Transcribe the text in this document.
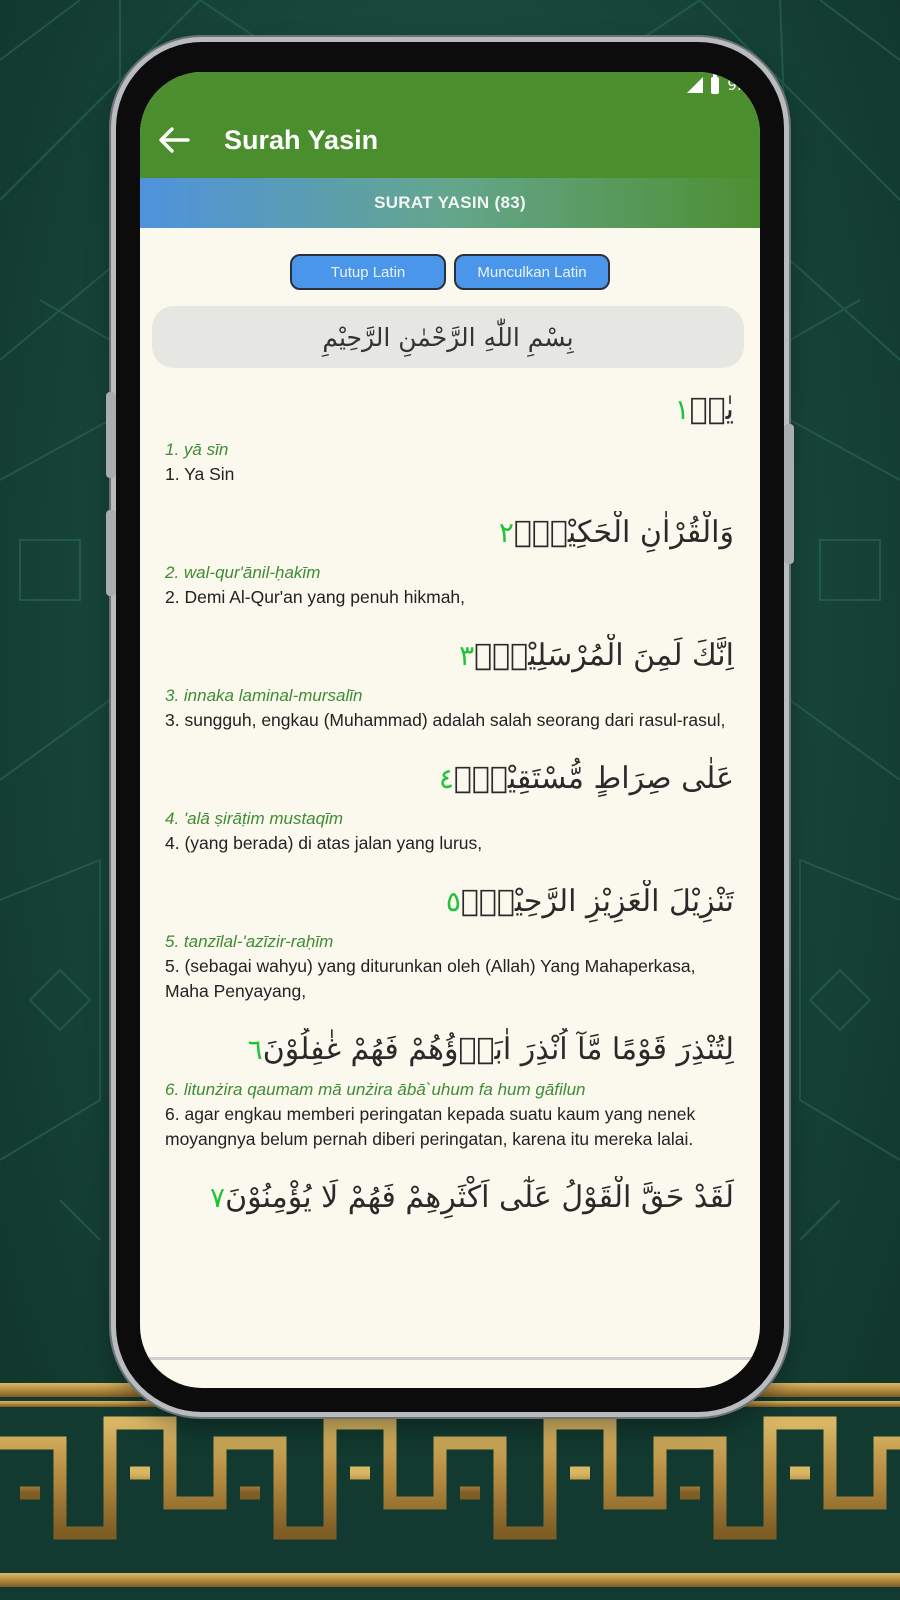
9:
Surah Yasin
SURAT YASIN (83)
Tutup Latin	Munculkan Latin
بِسْمِ اللّٰهِ الرَّحْمٰنِ الرَّحِيْمِ
يٰسۤ١
1. yā sīn
1. Ya Sin
وَالْقُرْاٰنِ الْحَكِيْمِۙ٢
2. wal-qur'ānil-ḥakīm
2. Demi Al-Qur'an yang penuh hikmah,
اِنَّكَ لَمِنَ الْمُرْسَلِيْنَۙ٣
3. innaka laminal-mursalīn
3. sungguh, engkau (Muhammad) adalah salah seorang dari rasul-rasul,
عَلٰى صِرَاطٍ مُّسْتَقِيْمٍۗ٤
4. 'alā ṣirāṭim mustaqīm
4. (yang berada) di atas jalan yang lurus,
تَنْزِيْلَ الْعَزِيْزِ الرَّحِيْمِۙ٥
5. tanzīlal-'azīzir-raḥīm
5. (sebagai wahyu) yang diturunkan oleh (Allah) Yang Mahaperkasa, Maha Penyayang,
لِتُنْذِرَ قَوْمًا مَّآ اُنْذِرَ اٰبَاۤؤُهُمْ فَهُمْ غٰفِلُوْنَ٦
6. litunżira qaumam mā unżira ābā`uhum fa hum gāfilun
6. agar engkau memberi peringatan kepada suatu kaum yang nenek moyangnya belum pernah diberi peringatan, karena itu mereka lalai.
لَقَدْ حَقَّ الْقَوْلُ عَلٰٓى اَكْثَرِهِمْ فَهُمْ لَا يُؤْمِنُوْنَ٧
